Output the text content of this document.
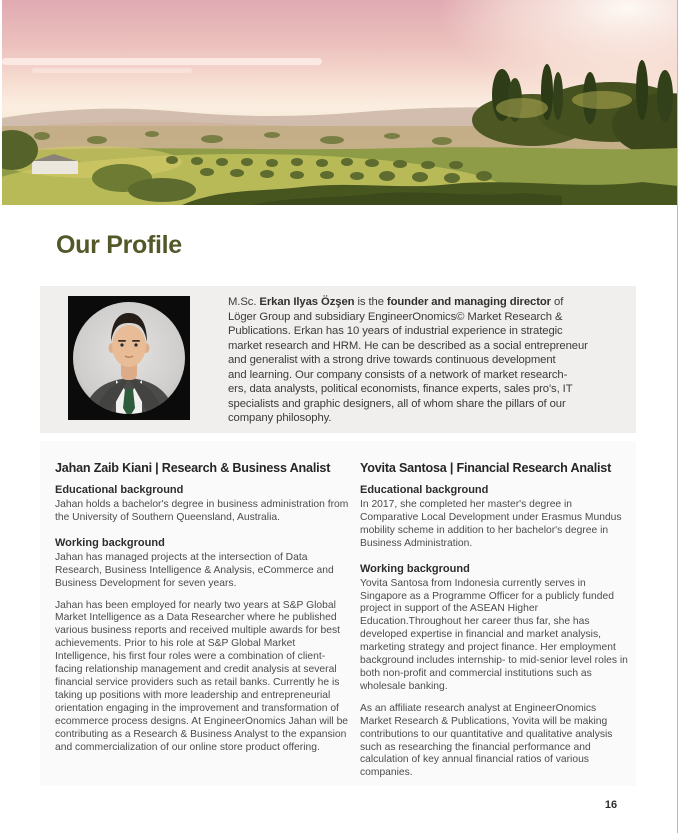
Our Profile
M.Sc. Erkan Ilyas Özşen is the founder and managing director of
Löger Group and subsidiary EngineerOnomics© Market Research &
Publications. Erkan has 10 years of industrial experience in strategic
market research and HRM. He can be described as a social entrepreneur
and generalist with a strong drive towards continuous development
and learning. Our company consists of a network of market research-
ers, data analysts, political economists, finance experts, sales pro's, IT
specialists and graphic designers, all of whom share the pillars of our
company philosophy.
Jahan Zaib Kiani | Research & Business Analist
Educational background

Jahan holds a bachelor's degree in business administration from the University of Southern Queensland, Australia.

Working background

Jahan has managed projects at the intersection of Data Research, Business Intelligence & Analysis, eCommerce and Business Development for seven years.

Jahan has been employed for nearly two years at S&P Global Market Intelligence as a Data Researcher where he published various business reports and received multiple awards for best achievements. Prior to his role at S&P Global Market Intelligence, his first four roles were a combination of client-facing relationship management and credit analysis at several financial service providers such as retail banks. Currently he is taking up positions with more leadership and entrepreneurial orientation engaging in the improvement and transformation of ecommerce process designs. At EngineerOnomics Jahan will be contributing as a Research & Business Analyst to the expansion and commercialization of our online store product offering.

Yovita Santosa | Financial Research Analist
Educational background

In 2017, she completed her master's degree in Comparative Local Development under Erasmus Mundus mobility scheme in addition to her bachelor's degree in Business Administration.

Working background

Yovita Santosa from Indonesia currently serves in Singapore as a Programme Officer for a publicly funded project in support of the ASEAN Higher Education.Throughout her career thus far, she has developed expertise in financial and market analysis, marketing strategy and project finance. Her employment background includes internship- to mid-senior level roles in both non-profit and commercial institutions such as wholesale banking.

As an affiliate research analyst at EngineerOnomics Market Research & Publications, Yovita will be making contributions to our quantitative and qualitative analysis such as researching the financial performance and calculation of key annual financial ratios of various companies.

16
